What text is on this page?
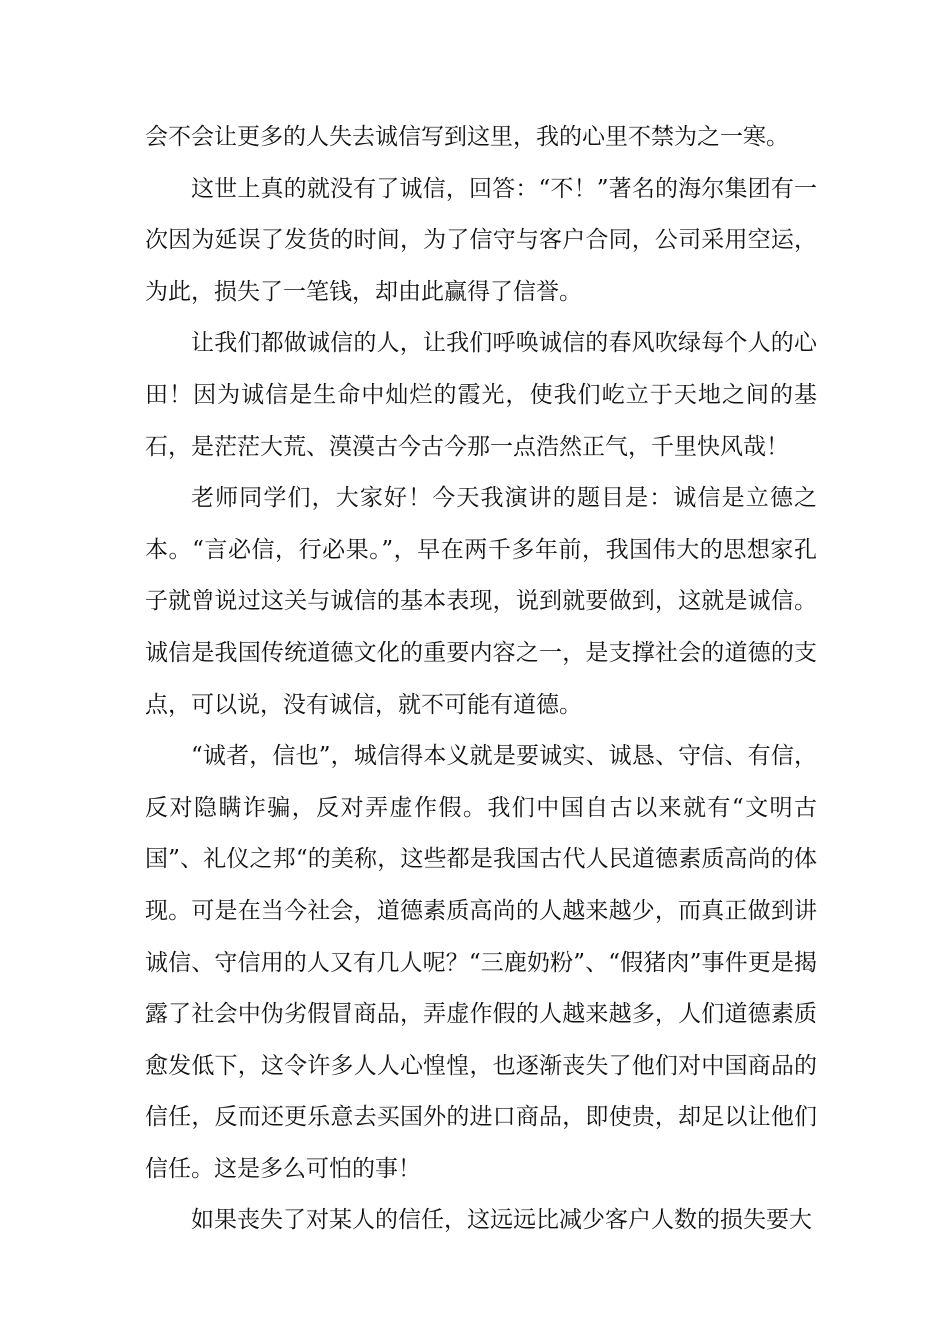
会不会让更多的人失去诚信写到这里，我的心里不禁为之一寒。

这世上真的就没有了诚信，回答：“不！”著名的海尔集团有一次因为延误了发货的时间，为了信守与客户合同，公司采用空运，为此，损失了一笔钱，却由此赢得了信誉。

让我们都做诚信的人，让我们呼唤诚信的春风吹绿每个人的心田！因为诚信是生命中灿烂的霞光，使我们屹立于天地之间的基石，是茫茫大荒、漠漠古今古今那一点浩然正气，千里快风哉！

老师同学们，大家好！今天我演讲的题目是：诚信是立德之本。“言必信，行必果。”，早在两千多年前，我国伟大的思想家孔子就曾说过这关与诚信的基本表现，说到就要做到，这就是诚信。诚信是我国传统道德文化的重要内容之一，是支撑社会的道德的支点，可以说，没有诚信，就不可能有道德。

“诚者，信也”，城信得本义就是要诚实、诚恳、守信、有信，反对隐瞒诈骗，反对弄虚作假。我们中国自古以来就有“文明古国”、礼仪之邦“的美称，这些都是我国古代人民道德素质高尚的体现。可是在当今社会，道德素质高尚的人越来越少，而真正做到讲诚信、守信用的人又有几人呢？“三鹿奶粉”、“假猪肉”事件更是揭露了社会中伪劣假冒商品，弄虚作假的人越来越多，人们道德素质愈发低下，这令许多人人心惶惶，也逐渐丧失了他们对中国商品的信任，反而还更乐意去买国外的进口商品，即使贵，却足以让他们信任。这是多么可怕的事！

如果丧失了对某人的信任，这远远比减少客户人数的损失要大
